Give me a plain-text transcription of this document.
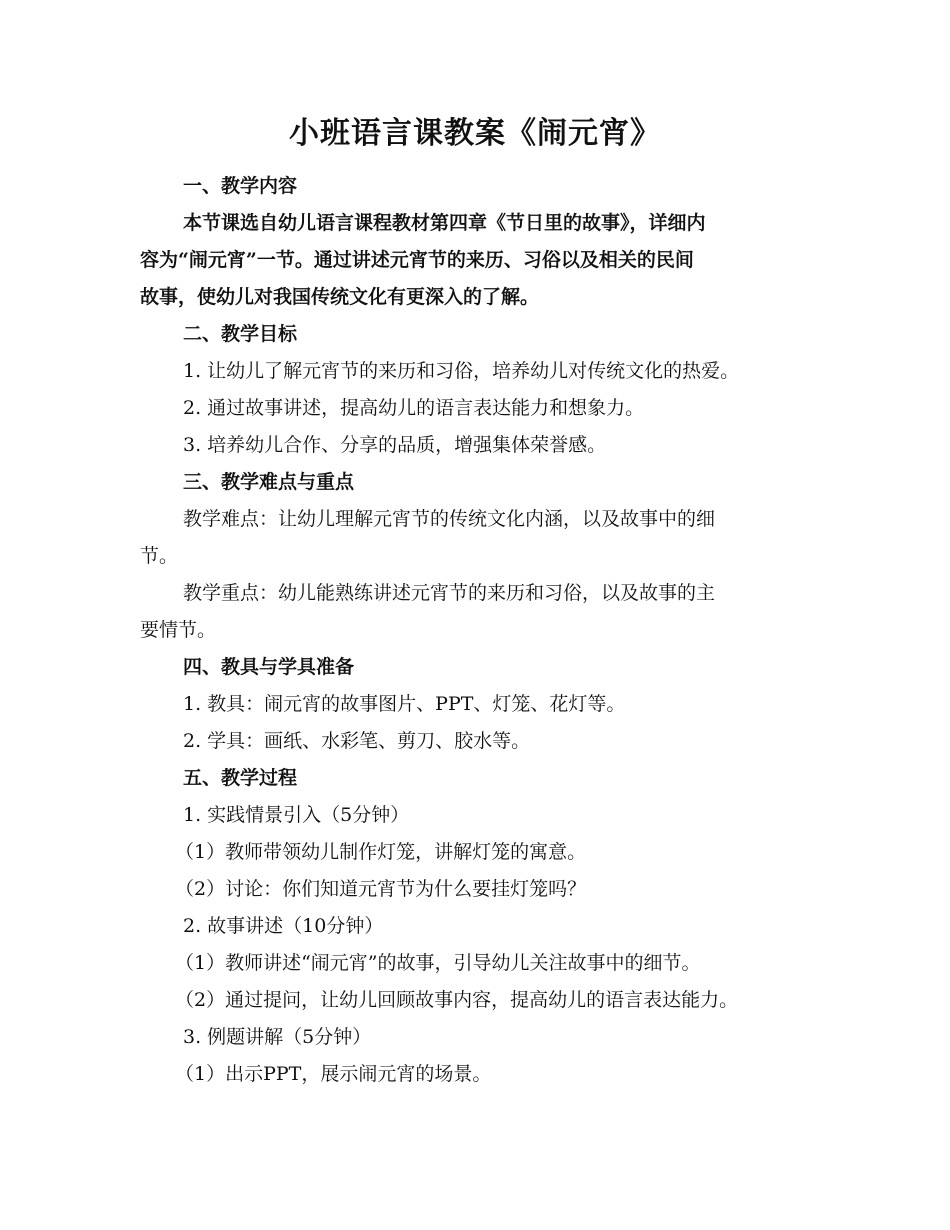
小班语言课教案《闹元宵》

一、教学内容

本节课选自幼儿语言课程教材第四章《节日里的故事》，详细内

容为“闹元宵”一节。通过讲述元宵节的来历、习俗以及相关的民间

故事，使幼儿对我国传统文化有更深入的了解。

二、教学目标

1. 让幼儿了解元宵节的来历和习俗，培养幼儿对传统文化的热爱。

2. 通过故事讲述，提高幼儿的语言表达能力和想象力。

3. 培养幼儿合作、分享的品质，增强集体荣誉感。

三、教学难点与重点

教学难点：让幼儿理解元宵节的传统文化内涵，以及故事中的细

节。

教学重点：幼儿能熟练讲述元宵节的来历和习俗，以及故事的主

要情节。

四、教具与学具准备

1. 教具：闹元宵的故事图片、PPT、灯笼、花灯等。

2. 学具：画纸、水彩笔、剪刀、胶水等。

五、教学过程

1. 实践情景引入（5分钟）

（1）教师带领幼儿制作灯笼，讲解灯笼的寓意。

（2）讨论：你们知道元宵节为什么要挂灯笼吗？

2. 故事讲述（10分钟）

（1）教师讲述“闹元宵”的故事，引导幼儿关注故事中的细节。

（2）通过提问，让幼儿回顾故事内容，提高幼儿的语言表达能力。

3. 例题讲解（5分钟）

（1）出示PPT，展示闹元宵的场景。
